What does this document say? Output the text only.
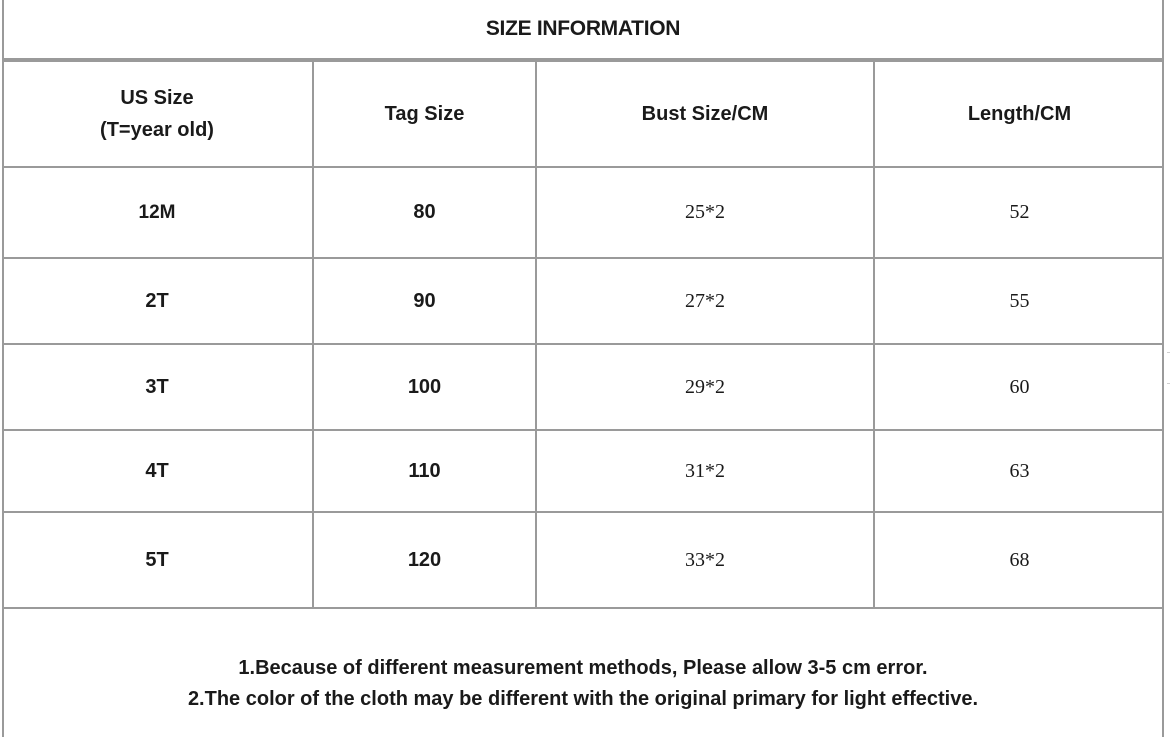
SIZE INFORMATION
US Size
(T=year old)	Tag Size	Bust Size/CM	Length/CM
12M	80	25*2	52
2T	90	27*2	55
3T	100	29*2	60
4T	110	31*2	63
5T	120	33*2	68
1.Because of different measurement methods, Please allow 3-5 cm error.
2.The color of the cloth may be different with the original primary for light effective.
